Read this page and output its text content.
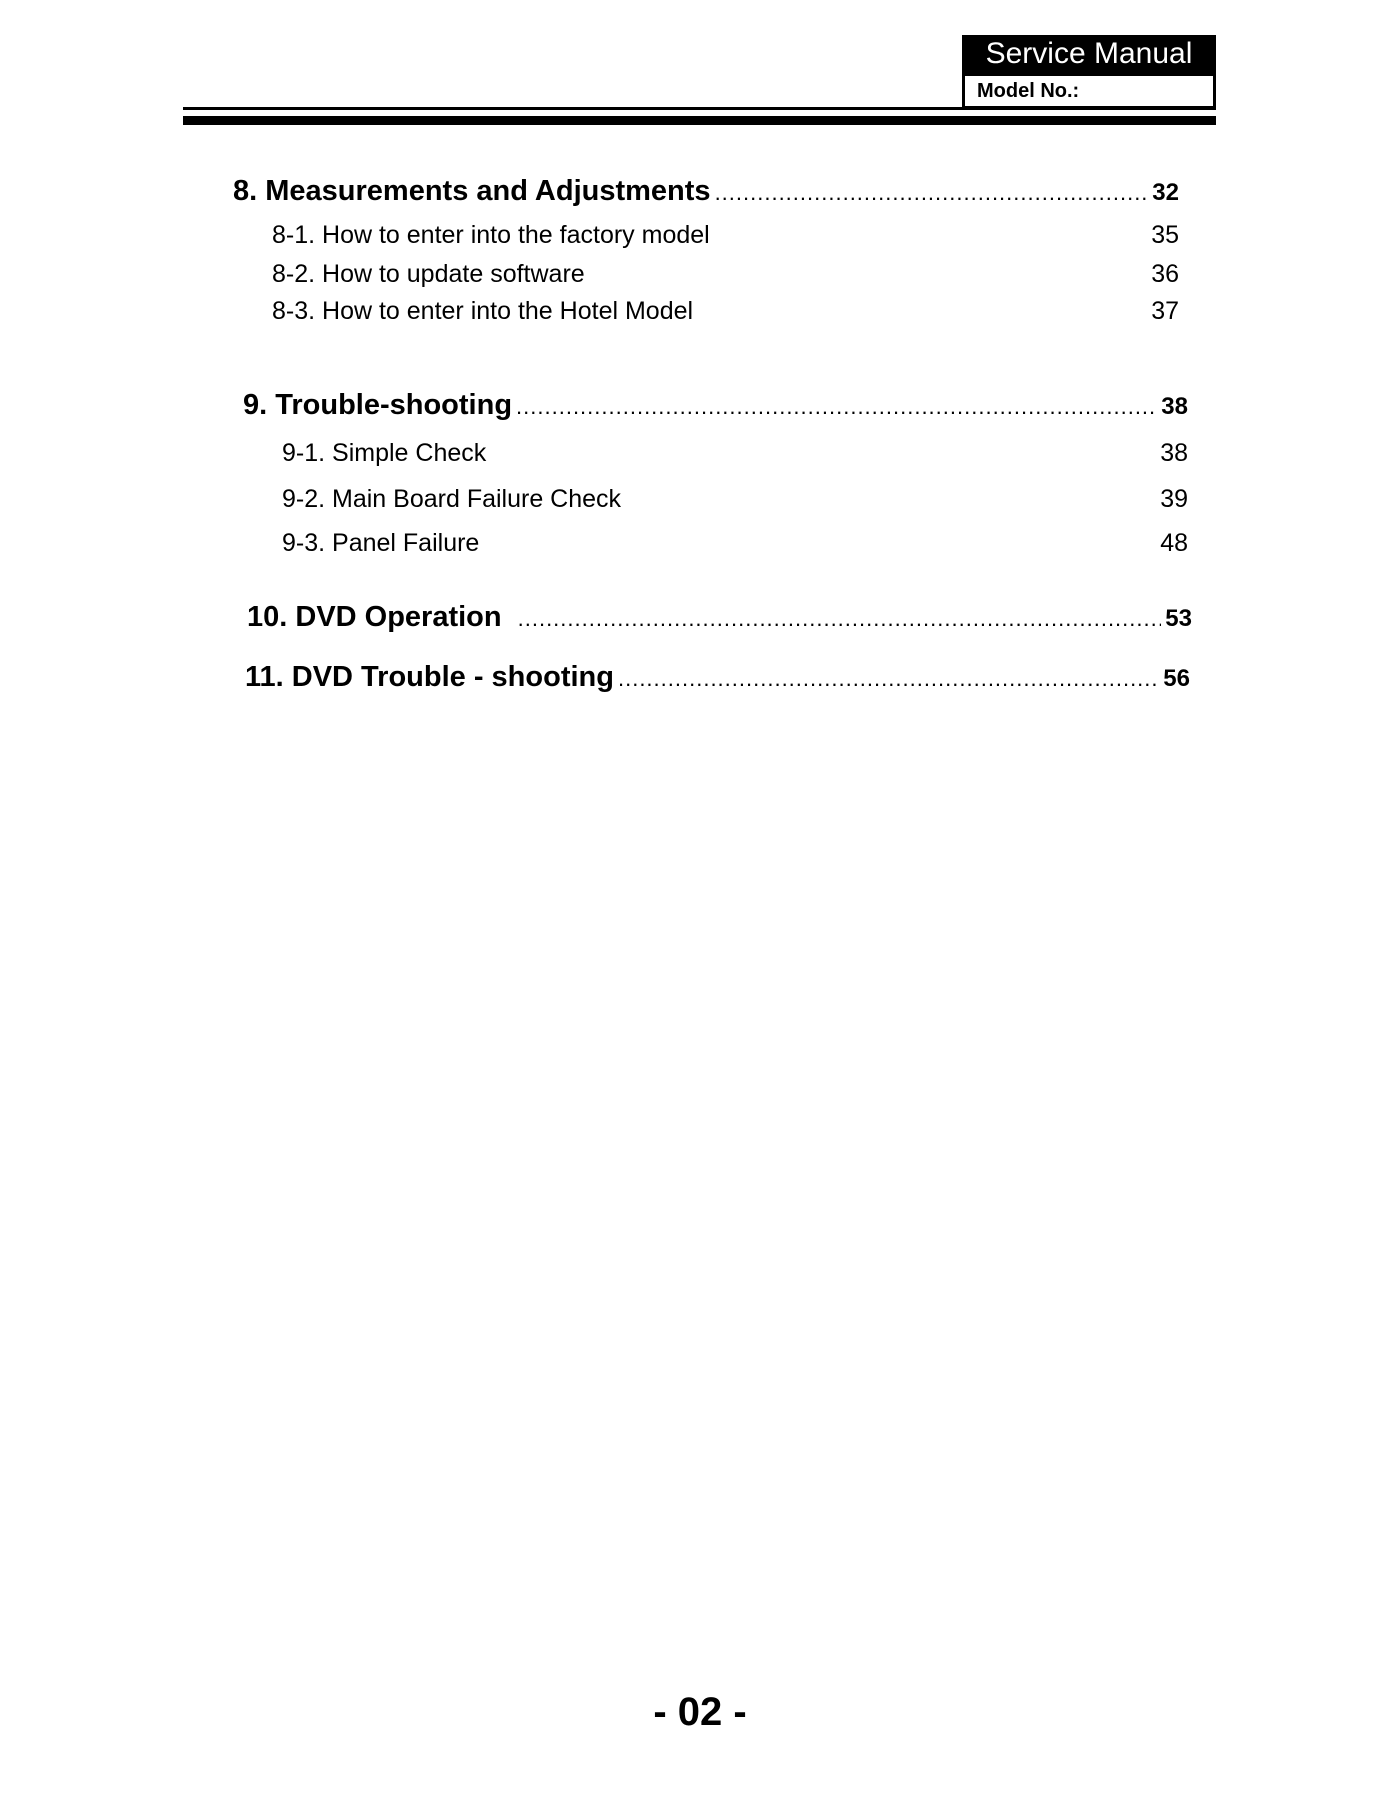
Service Manual
Model No.:
8. Measurements and Adjustments .....	32
8-1. How to enter into the factory model	35
8-2. How to update software	36
8-3. How to enter into the Hotel Model	37
9. Trouble-shooting .....	38
9-1. Simple Check	38
9-2. Main Board Failure Check	39
9-3. Panel Failure	48
10. DVD Operation .....	53
11. DVD Trouble - shooting .....	56
- 02 -
